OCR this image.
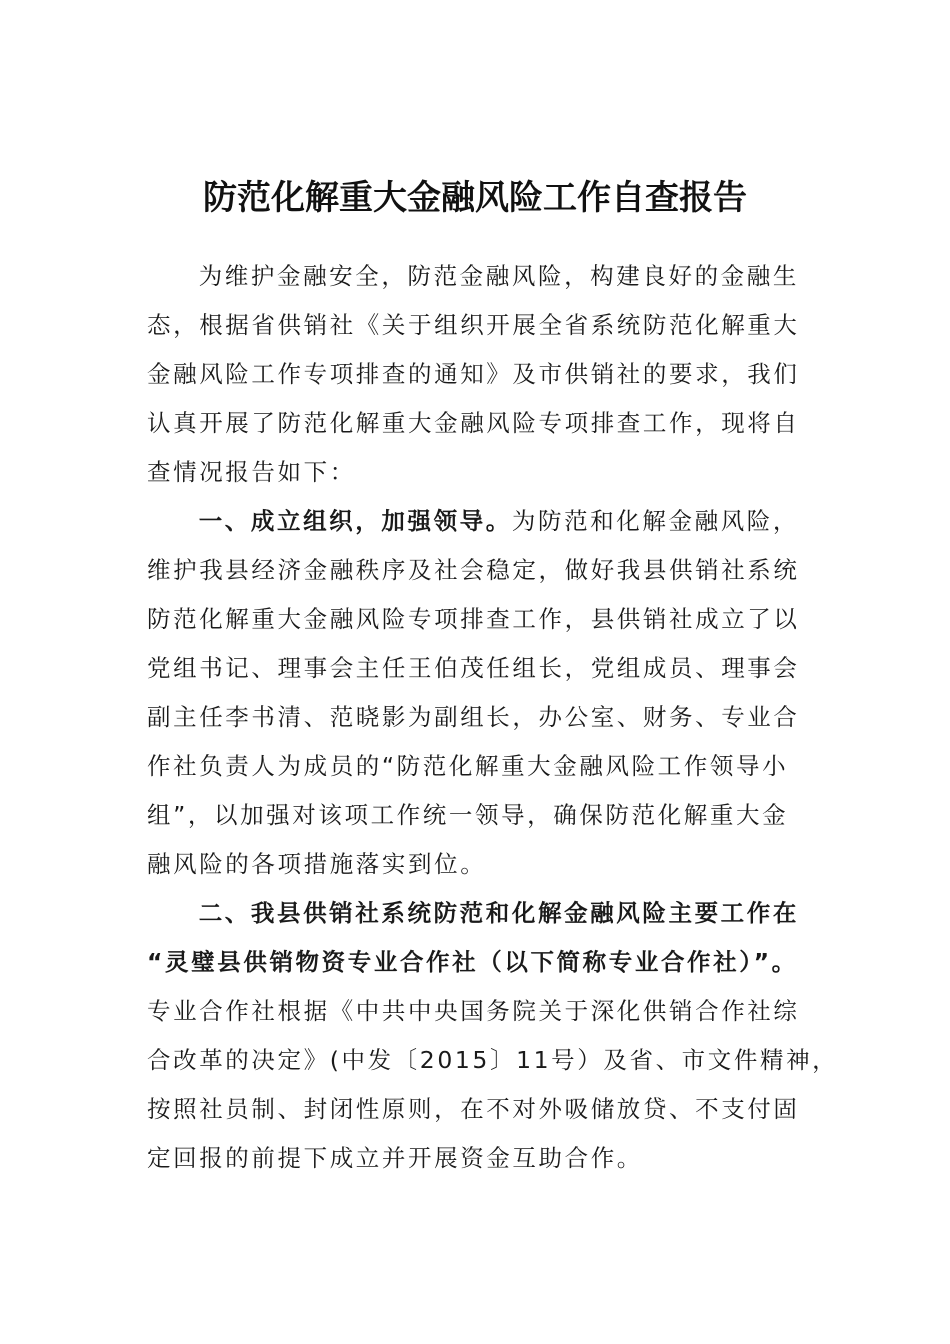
防范化解重大金融风险工作自查报告
为维护金融安全，防范金融风险，构建良好的金融生
态，根据省供销社《关于组织开展全省系统防范化解重大
金融风险工作专项排查的通知》及市供销社的要求，我们
认真开展了防范化解重大金融风险专项排查工作，现将自
查情况报告如下：
一、成立组织，加强领导。为防范和化解金融风险，
维护我县经济金融秩序及社会稳定，做好我县供销社系统
防范化解重大金融风险专项排查工作，县供销社成立了以
党组书记、理事会主任王伯茂任组长，党组成员、理事会
副主任李书清、范晓影为副组长，办公室、财务、专业合
作社负责人为成员的“防范化解重大金融风险工作领导小
组”，以加强对该项工作统一领导，确保防范化解重大金
融风险的各项措施落实到位。
二、我县供销社系统防范和化解金融风险主要工作在
“灵璧县供销物资专业合作社（以下简称专业合作社）”。
专业合作社根据《中共中央国务院关于深化供销合作社综
合改革的决定》(中发〔2015〕11号）及省、市文件精神，
按照社员制、封闭性原则，在不对外吸储放贷、不支付固
定回报的前提下成立并开展资金互助合作。
